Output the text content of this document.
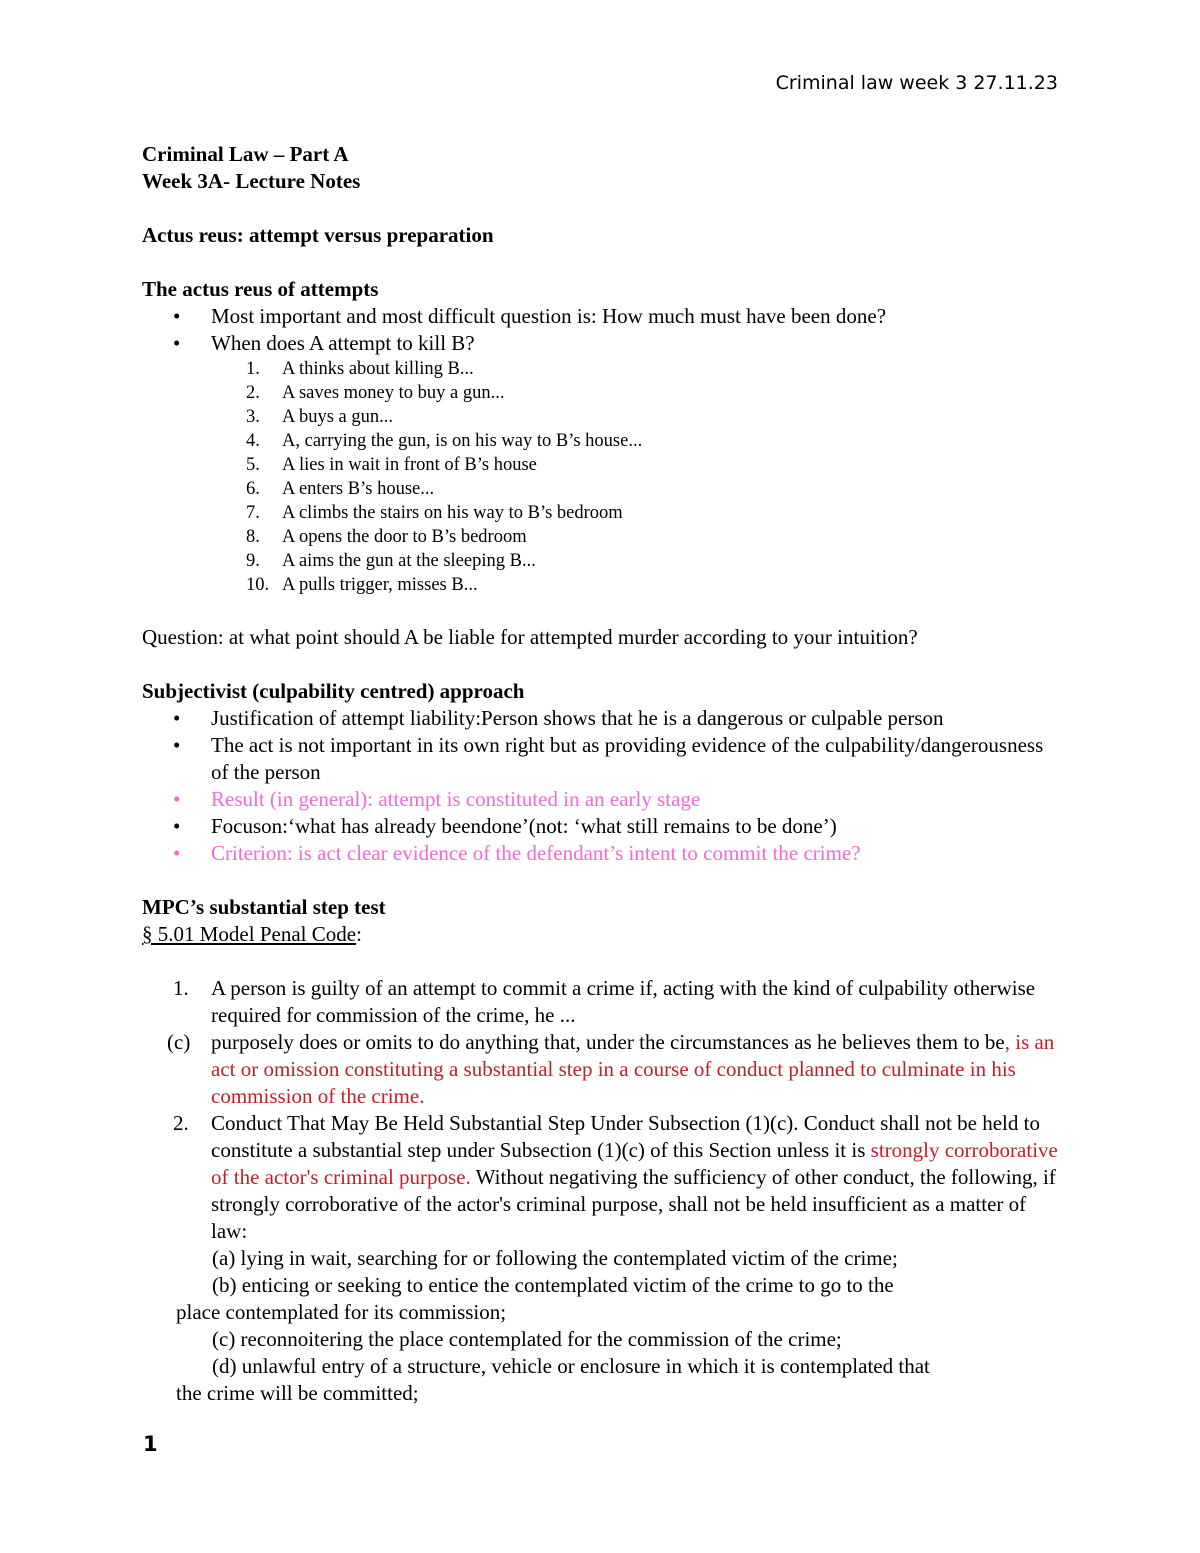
Criminal law week 3 27.11.23
Criminal Law – Part A
Week 3A- Lecture Notes
Actus reus: attempt versus preparation
The actus reus of attempts
• Most important and most difficult question is: How much must have been done?
• When does A attempt to kill B?
1. A thinks about killing B...
2. A saves money to buy a gun...
3. A buys a gun...
4. A, carrying the gun, is on his way to B’s house...
5. A lies in wait in front of B’s house
6. A enters B’s house...
7. A climbs the stairs on his way to B’s bedroom
8. A opens the door to B’s bedroom
9. A aims the gun at the sleeping B...
10. A pulls trigger, misses B...
Question: at what point should A be liable for attempted murder according to your intuition?
Subjectivist (culpability centred) approach
• Justification of attempt liability:Person shows that he is a dangerous or culpable person
• The act is not important in its own right but as providing evidence of the culpability/dangerousness of the person
• Result (in general): attempt is constituted in an early stage
• Focuson:‘what has already beendone’(not: ‘what still remains to be done’)
• Criterion: is act clear evidence of the defendant’s intent to commit the crime?
MPC’s substantial step test
§ 5.01 Model Penal Code:
1. A person is guilty of an attempt to commit a crime if, acting with the kind of culpability otherwise required for commission of the crime, he ...
(c) purposely does or omits to do anything that, under the circumstances as he believes them to be, is an act or omission constituting a substantial step in a course of conduct planned to culminate in his commission of the crime.
2. Conduct That May Be Held Substantial Step Under Subsection (1)(c). Conduct shall not be held to constitute a substantial step under Subsection (1)(c) of this Section unless it is strongly corroborative of the actor's criminal purpose. Without negativing the sufficiency of other conduct, the following, if strongly corroborative of the actor's criminal purpose, shall not be held insufficient as a matter of law:
(a) lying in wait, searching for or following the contemplated victim of the crime;
(b) enticing or seeking to entice the contemplated victim of the crime to go to the
place contemplated for its commission;
(c) reconnoitering the place contemplated for the commission of the crime;
(d) unlawful entry of a structure, vehicle or enclosure in which it is contemplated that
the crime will be committed;
1
